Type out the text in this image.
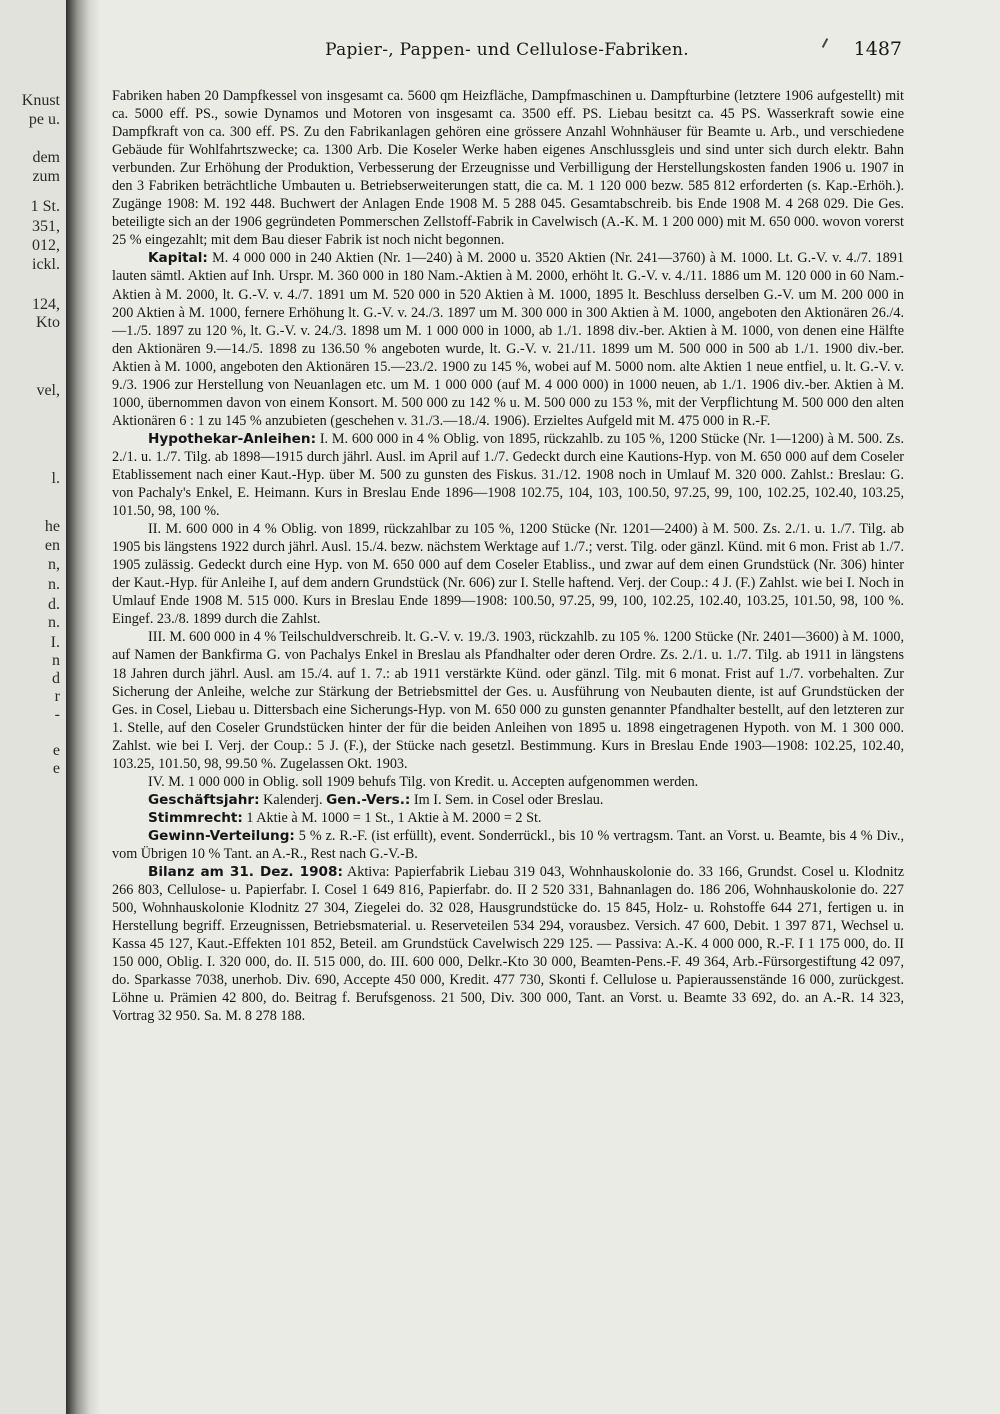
Knust
pe u.
dem
zum
1 St.
351,
012,
ickl.
124,
Kto
vel,
l.
he
en
n,
n.
d.
n.
I.
n
d
r
-
e
e
Papier-, Pappen- und Cellulose-Fabriken.	1487

Fabriken haben 20 Dampfkessel von insgesamt ca. 5600 qm Heizfläche, Dampfmaschinen u. Dampfturbine (letztere 1906 aufgestellt) mit ca. 5000 eff. PS., sowie Dynamos und Motoren von insgesamt ca. 3500 eff. PS. Liebau besitzt ca. 45 PS. Wasserkraft sowie eine Dampfkraft von ca. 300 eff. PS. Zu den Fabrikanlagen gehören eine grössere Anzahl Wohnhäuser für Beamte u. Arb., und verschiedene Gebäude für Wohlfahrtszwecke; ca. 1300 Arb. Die Koseler Werke haben eigenes Anschlussgleis und sind unter sich durch elektr. Bahn verbunden. Zur Erhöhung der Produktion, Verbesserung der Erzeugnisse und Verbilligung der Herstellungskosten fanden 1906 u. 1907 in den 3 Fabriken beträchtliche Umbauten u. Betriebserweiterungen statt, die ca. M. 1 120 000 bezw. 585 812 erforderten (s. Kap.-Erhöh.). Zugänge 1908: M. 192 448. Buchwert der Anlagen Ende 1908 M. 5 288 045. Gesamtabschreib. bis Ende 1908 M. 4 268 029. Die Ges. beteiligte sich an der 1906 gegründeten Pommerschen Zellstoff-Fabrik in Cavelwisch (A.-K. M. 1 200 000) mit M. 650 000. wovon vorerst 25 % eingezahlt; mit dem Bau dieser Fabrik ist noch nicht begonnen.

Kapital: M. 4 000 000 in 240 Aktien (Nr. 1—240) à M. 2000 u. 3520 Aktien (Nr. 241—3760) à M. 1000. Lt. G.-V. v. 4./7. 1891 lauten sämtl. Aktien auf Inh. Urspr. M. 360 000 in 180 Nam.-Aktien à M. 2000, erhöht lt. G.-V. v. 4./11. 1886 um M. 120 000 in 60 Nam.-Aktien à M. 2000, lt. G.-V. v. 4./7. 1891 um M. 520 000 in 520 Aktien à M. 1000, 1895 lt. Beschluss derselben G.-V. um M. 200 000 in 200 Aktien à M. 1000, fernere Erhöhung lt. G.-V. v. 24./3. 1897 um M. 300 000 in 300 Aktien à M. 1000, angeboten den Aktionären 26./4.—1./5. 1897 zu 120 %, lt. G.-V. v. 24./3. 1898 um M. 1 000 000 in 1000, ab 1./1. 1898 div.-ber. Aktien à M. 1000, von denen eine Hälfte den Aktionären 9.—14./5. 1898 zu 136.50 % angeboten wurde, lt. G.-V. v. 21./11. 1899 um M. 500 000 in 500 ab 1./1. 1900 div.-ber. Aktien à M. 1000, angeboten den Aktionären 15.—23./2. 1900 zu 145 %, wobei auf M. 5000 nom. alte Aktien 1 neue entfiel, u. lt. G.-V. v. 9./3. 1906 zur Herstellung von Neuanlagen etc. um M. 1 000 000 (auf M. 4 000 000) in 1000 neuen, ab 1./1. 1906 div.-ber. Aktien à M. 1000, übernommen davon von einem Konsort. M. 500 000 zu 142 % u. M. 500 000 zu 153 %, mit der Verpflichtung M. 500 000 den alten Aktionären 6 : 1 zu 145 % anzubieten (geschehen v. 31./3.—18./4. 1906). Erzieltes Aufgeld mit M. 475 000 in R.-F.

Hypothekar-Anleihen: I. M. 600 000 in 4 % Oblig. von 1895, rückzahlb. zu 105 %, 1200 Stücke (Nr. 1—1200) à M. 500. Zs. 2./1. u. 1./7. Tilg. ab 1898—1915 durch jährl. Ausl. im April auf 1./7. Gedeckt durch eine Kautions-Hyp. von M. 650 000 auf dem Coseler Etablissement nach einer Kaut.-Hyp. über M. 500 zu gunsten des Fiskus. 31./12. 1908 noch in Umlauf M. 320 000. Zahlst.: Breslau: G. von Pachaly's Enkel, E. Heimann. Kurs in Breslau Ende 1896—1908 102.75, 104, 103, 100.50, 97.25, 99, 100, 102.25, 102.40, 103.25, 101.50, 98, 100 %.

II. M. 600 000 in 4 % Oblig. von 1899, rückzahlbar zu 105 %, 1200 Stücke (Nr. 1201—2400) à M. 500. Zs. 2./1. u. 1./7. Tilg. ab 1905 bis längstens 1922 durch jährl. Ausl. 15./4. bezw. nächstem Werktage auf 1./7.; verst. Tilg. oder gänzl. Künd. mit 6 mon. Frist ab 1./7. 1905 zulässig. Gedeckt durch eine Hyp. von M. 650 000 auf dem Coseler Etabliss., und zwar auf dem einen Grundstück (Nr. 306) hinter der Kaut.-Hyp. für Anleihe I, auf dem andern Grundstück (Nr. 606) zur I. Stelle haftend. Verj. der Coup.: 4 J. (F.) Zahlst. wie bei I. Noch in Umlauf Ende 1908 M. 515 000. Kurs in Breslau Ende 1899—1908: 100.50, 97.25, 99, 100, 102.25, 102.40, 103.25, 101.50, 98, 100 %. Eingef. 23./8. 1899 durch die Zahlst.

III. M. 600 000 in 4 % Teilschuldverschreib. lt. G.-V. v. 19./3. 1903, rückzahlb. zu 105 %. 1200 Stücke (Nr. 2401—3600) à M. 1000, auf Namen der Bankfirma G. von Pachalys Enkel in Breslau als Pfandhalter oder deren Ordre. Zs. 2./1. u. 1./7. Tilg. ab 1911 in längstens 18 Jahren durch jährl. Ausl. am 15./4. auf 1. 7.: ab 1911 verstärkte Künd. oder gänzl. Tilg. mit 6 monat. Frist auf 1./7. vorbehalten. Zur Sicherung der Anleihe, welche zur Stärkung der Betriebsmittel der Ges. u. Ausführung von Neubauten diente, ist auf Grundstücken der Ges. in Cosel, Liebau u. Dittersbach eine Sicherungs-Hyp. von M. 650 000 zu gunsten genannter Pfandhalter bestellt, auf den letzteren zur 1. Stelle, auf den Coseler Grundstücken hinter der für die beiden Anleihen von 1895 u. 1898 eingetragenen Hypoth. von M. 1 300 000. Zahlst. wie bei I. Verj. der Coup.: 5 J. (F.), der Stücke nach gesetzl. Bestimmung. Kurs in Breslau Ende 1903—1908: 102.25, 102.40, 103.25, 101.50, 98, 99.50 %. Zugelassen Okt. 1903.

IV. M. 1 000 000 in Oblig. soll 1909 behufs Tilg. von Kredit. u. Accepten aufgenommen werden.

Geschäftsjahr: Kalenderj. Gen.-Vers.: Im I. Sem. in Cosel oder Breslau.

Stimmrecht: 1 Aktie à M. 1000 = 1 St., 1 Aktie à M. 2000 = 2 St.

Gewinn-Verteilung: 5 % z. R.-F. (ist erfüllt), event. Sonderrückl., bis 10 % vertragsm. Tant. an Vorst. u. Beamte, bis 4 % Div., vom Übrigen 10 % Tant. an A.-R., Rest nach G.-V.-B.

Bilanz am 31. Dez. 1908: Aktiva: Papierfabrik Liebau 319 043, Wohnhauskolonie do. 33 166, Grundst. Cosel u. Klodnitz 266 803, Cellulose- u. Papierfabr. I. Cosel 1 649 816, Papierfabr. do. II 2 520 331, Bahnanlagen do. 186 206, Wohnhauskolonie do. 227 500, Wohnhauskolonie Klodnitz 27 304, Ziegelei do. 32 028, Hausgrundstücke do. 15 845, Holz- u. Rohstoffe 644 271, fertigen u. in Herstellung begriff. Erzeugnissen, Betriebsmaterial. u. Reserveteilen 534 294, vorausbez. Versich. 47 600, Debit. 1 397 871, Wechsel u. Kassa 45 127, Kaut.-Effekten 101 852, Beteil. am Grundstück Cavelwisch 229 125. — Passiva: A.-K. 4 000 000, R.-F. I 1 175 000, do. II 150 000, Oblig. I. 320 000, do. II. 515 000, do. III. 600 000, Delkr.-Kto 30 000, Beamten-Pens.-F. 49 364, Arb.-Fürsorgestiftung 42 097, do. Sparkasse 7038, unerhob. Div. 690, Accepte 450 000, Kredit. 477 730, Skonti f. Cellulose u. Papieraussenstände 16 000, zurückgest. Löhne u. Prämien 42 800, do. Beitrag f. Berufsgenoss. 21 500, Div. 300 000, Tant. an Vorst. u. Beamte 33 692, do. an A.-R. 14 323, Vortrag 32 950. Sa. M. 8 278 188.
